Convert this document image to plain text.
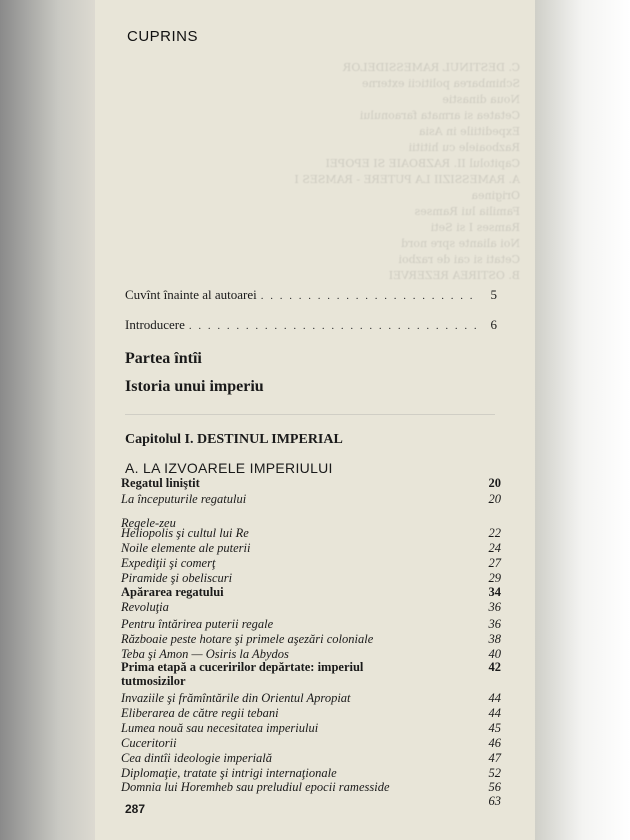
C. DESTINUL RAMESSIDELOR
Schimbarea politicii externe
Noua dinastie
Cetatea si armata faraonului
Expeditiile in Asia
Razboaiele cu hititii
Capitolul II. RAZBOAIE SI EPOPEI
A. RAMESSIZII LA PUTERE - RAMSES I
Originea
Familia lui Ramses
Ramses I si Seti
Noi aliante spre nord
Cetati si cai de razboi
B. OSTIREA REZERVEI
CUPRINS
Cuvînt înainte al autoarei . . .	5
Introducere . . .	6
Partea întîi
Istoria unui imperiu
Capitolul I. DESTINUL IMPERIAL
A. LA IZVOARELE IMPERIULUI
Regatul liniştit	20
La începuturile regatului	20
Regele-zeu
Heliopolis şi cultul lui Re	22
Noile elemente ale puterii	24
Expediţii şi comerţ	27
Piramide şi obeliscuri	29
Apărarea regatului	34
Revoluţia	36
Pentru întărirea puterii regale	36
Războaie peste hotare şi primele aşezări coloniale	38
Teba şi Amon — Osiris la Abydos	40
Prima etapă a cuceririlor depărtate: imperiul	42
tutmosizilor
Invaziile şi frămîntările din Orientul Apropiat	44
Eliberarea de către regii tebani	44
Lumea nouă sau necesitatea imperiului	45
Cuceritorii	46
Cea dintîi ideologie imperială	47
Diplomaţie, tratate şi intrigi internaţionale	52
Domnia lui Horemheb sau preludiul epocii ramesside	56
63
287
